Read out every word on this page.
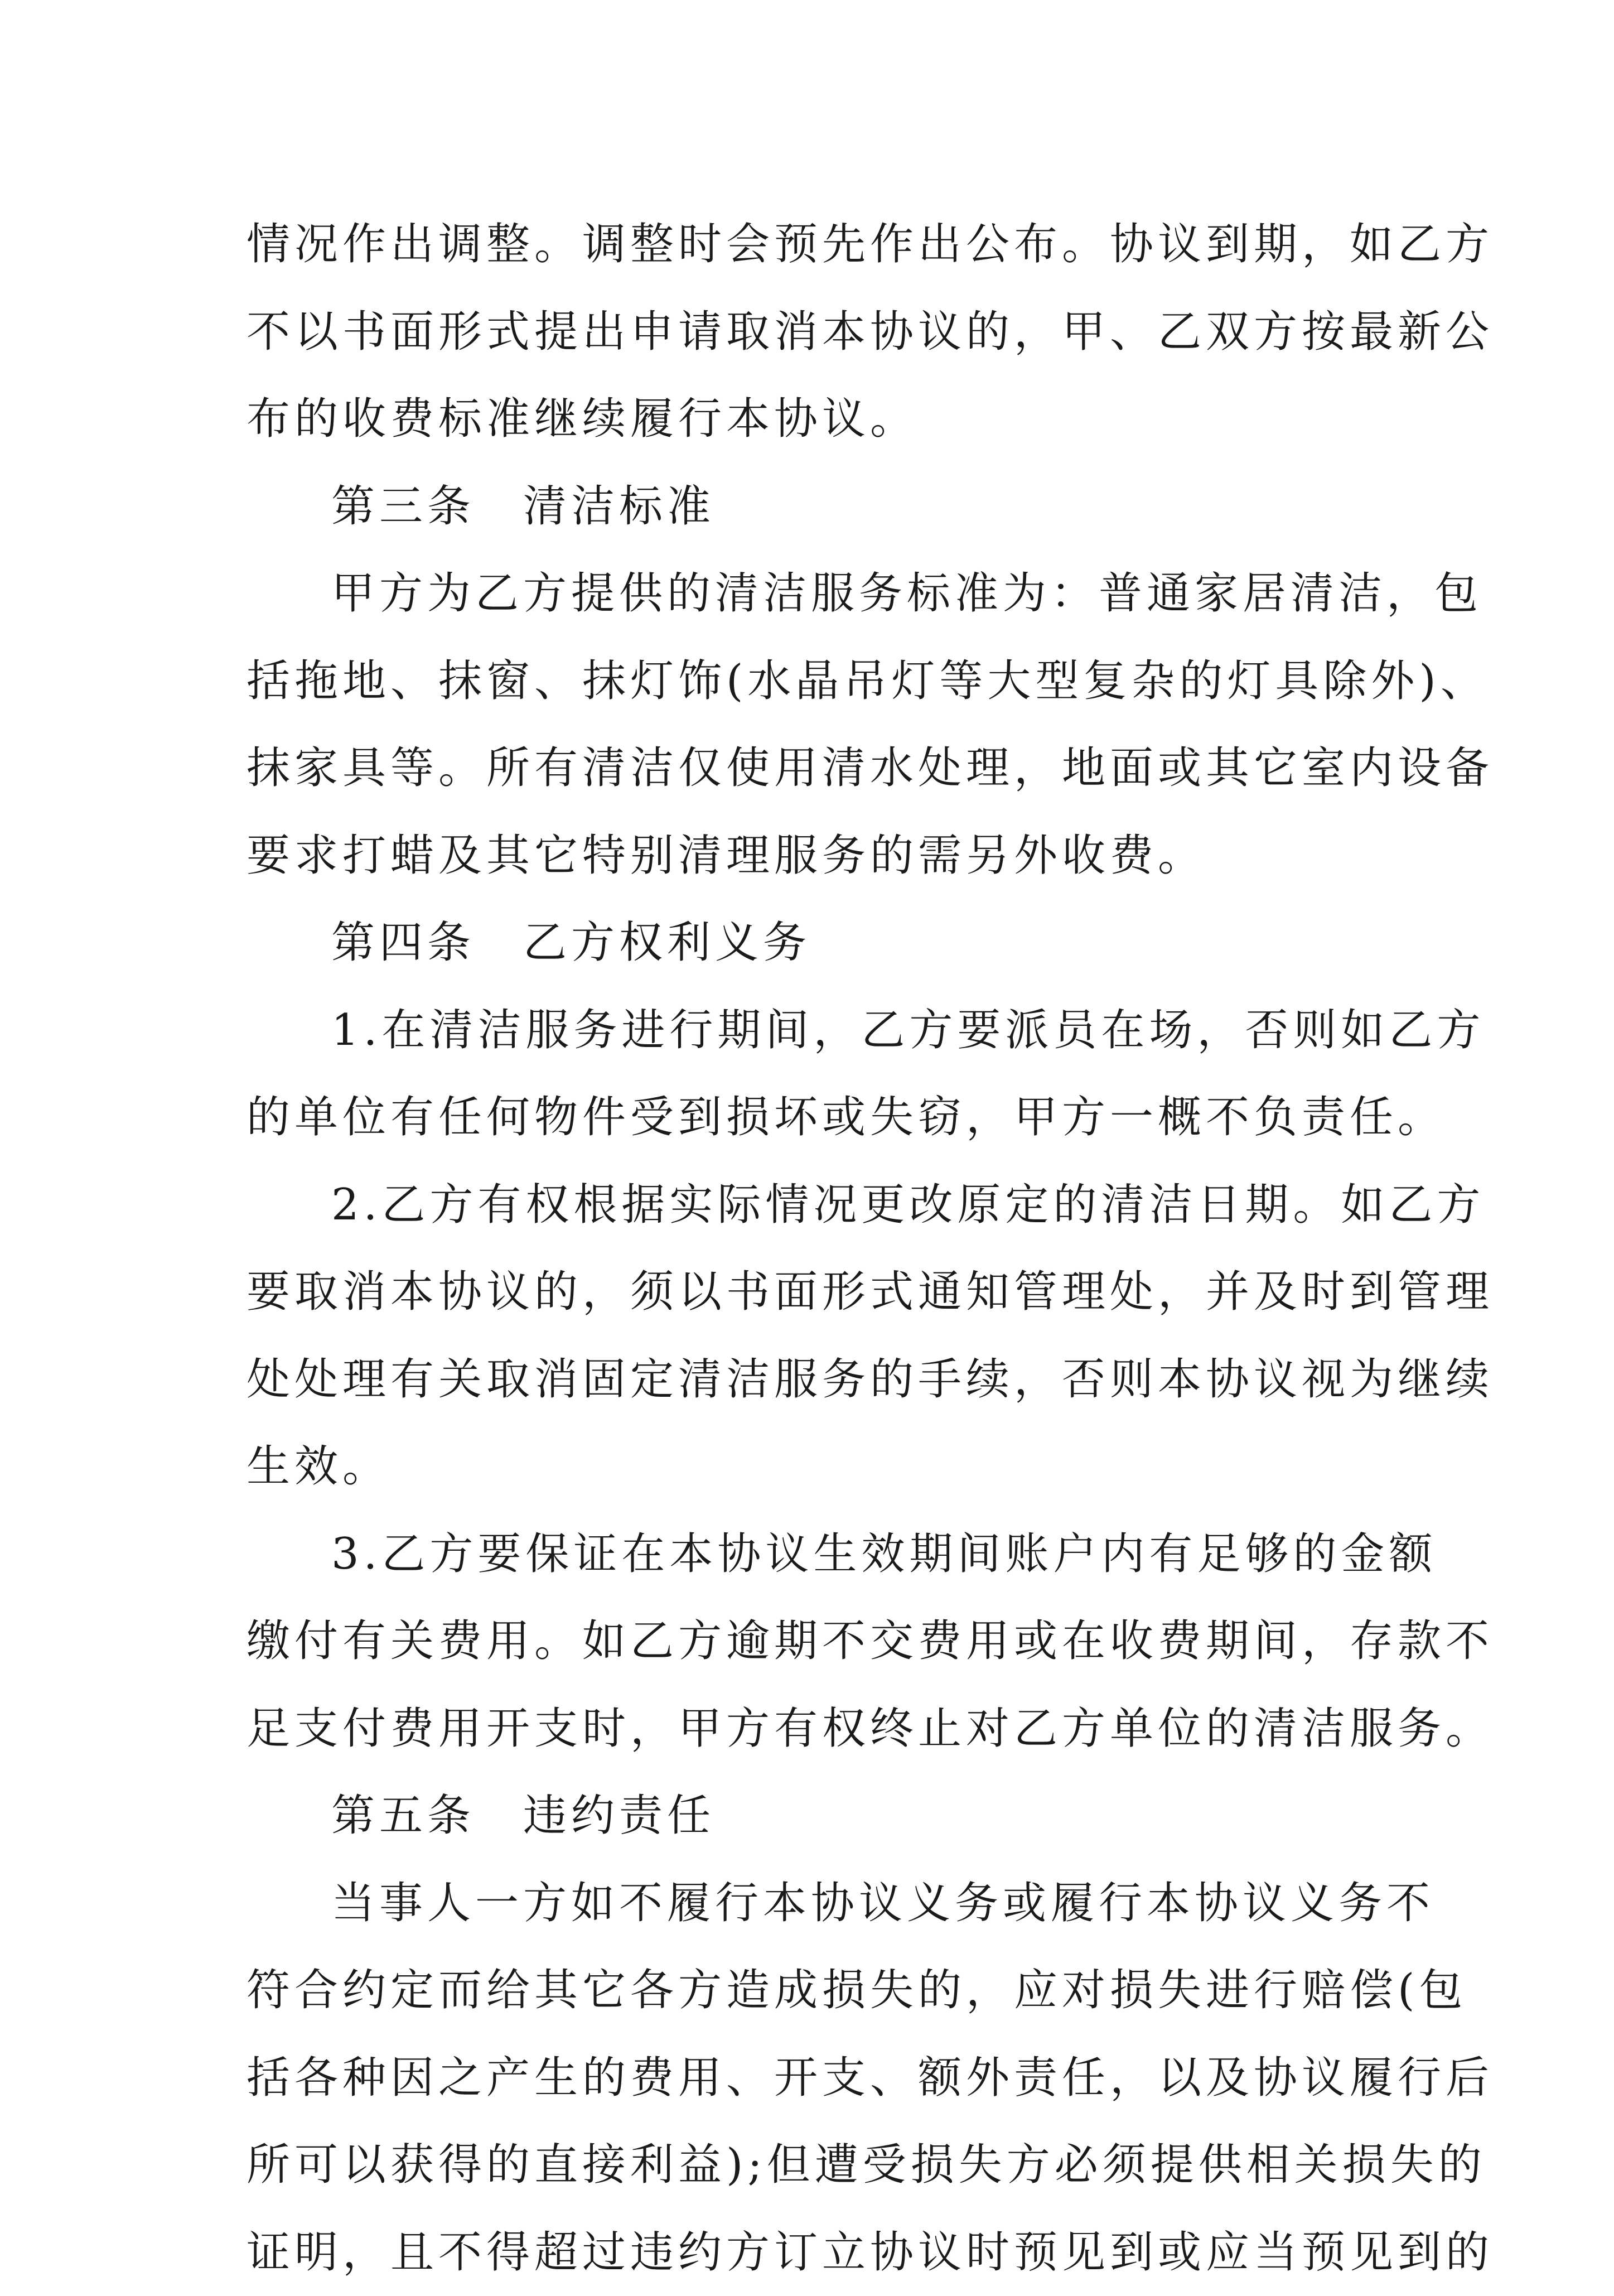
情况作出调整。调整时会预先作出公布。协议到期，如乙方
不以书面形式提出申请取消本协议的，甲、乙双方按最新公
布的收费标准继续履行本协议。
第三条　清洁标准
甲方为乙方提供的清洁服务标准为：普通家居清洁，包
括拖地、抹窗、抹灯饰(水晶吊灯等大型复杂的灯具除外)、
抹家具等。所有清洁仅使用清水处理，地面或其它室内设备
要求打蜡及其它特别清理服务的需另外收费。
第四条　乙方权利义务
1.在清洁服务进行期间，乙方要派员在场，否则如乙方
的单位有任何物件受到损坏或失窃，甲方一概不负责任。
2.乙方有权根据实际情况更改原定的清洁日期。如乙方
要取消本协议的，须以书面形式通知管理处，并及时到管理
处处理有关取消固定清洁服务的手续，否则本协议视为继续
生效。
3.乙方要保证在本协议生效期间账户内有足够的金额
缴付有关费用。如乙方逾期不交费用或在收费期间，存款不
足支付费用开支时，甲方有权终止对乙方单位的清洁服务。
第五条　违约责任
当事人一方如不履行本协议义务或履行本协议义务不
符合约定而给其它各方造成损失的，应对损失进行赔偿(包
括各种因之产生的费用、开支、额外责任，以及协议履行后
所可以获得的直接利益);但遭受损失方必须提供相关损失的
证明，且不得超过违约方订立协议时预见到或应当预见到的
